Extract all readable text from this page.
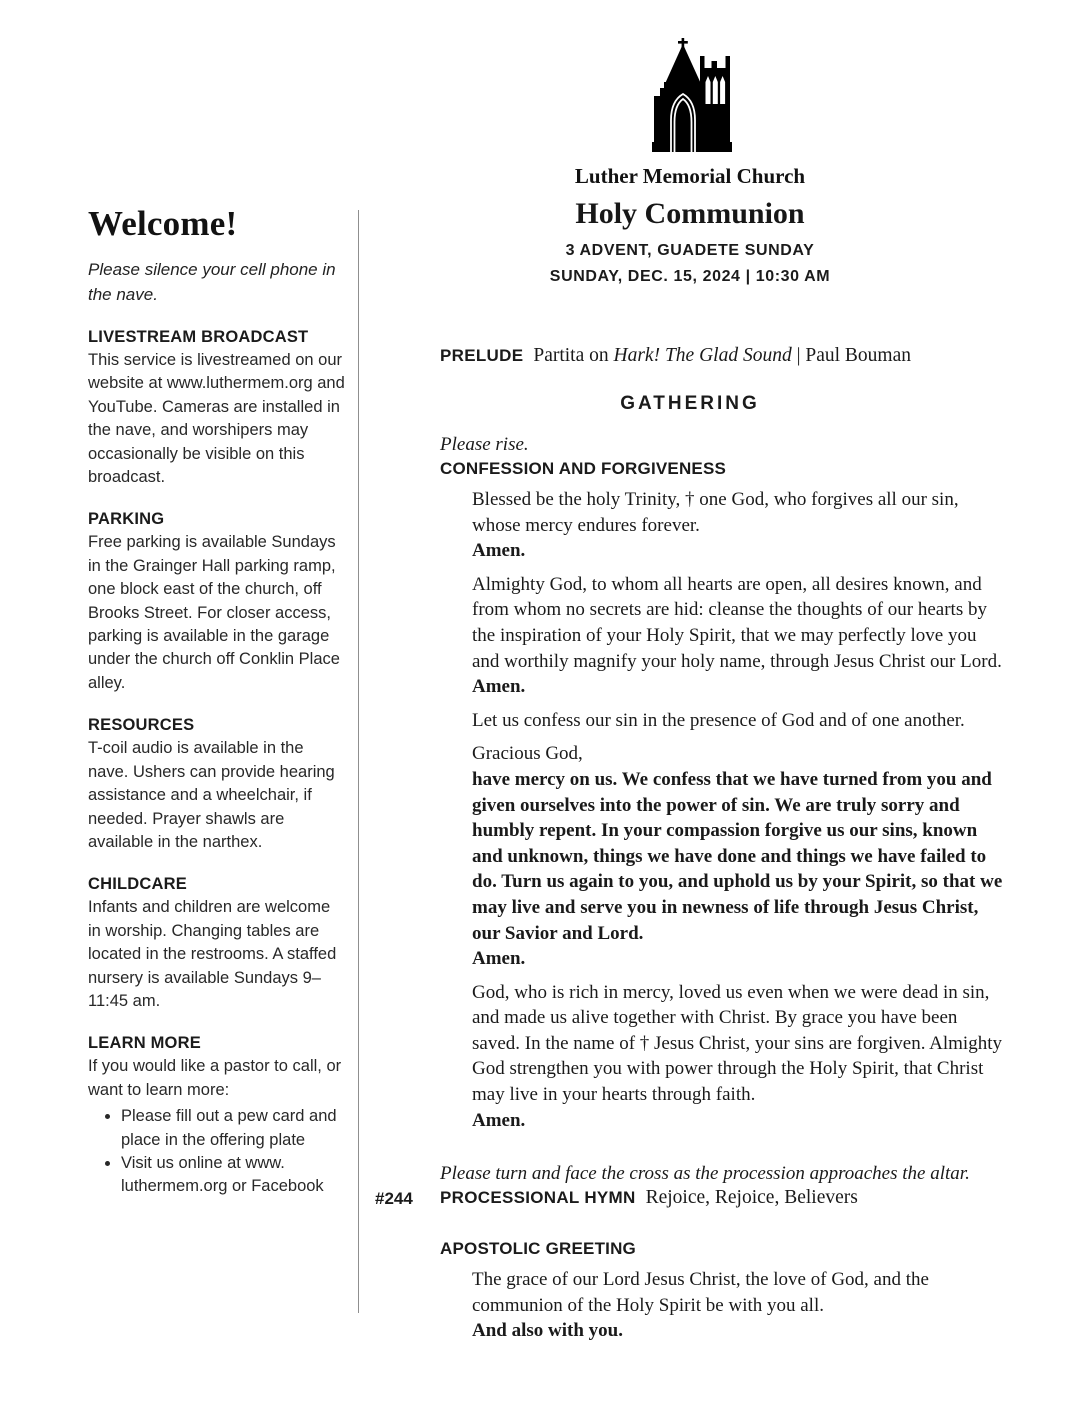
Welcome!

Please silence your cell phone in the nave.

LIVESTREAM BROADCAST

This service is livestreamed on our website at www.luthermem.org and YouTube. Cameras are installed in the nave, and worshipers may occasionally be visible on this broadcast.

PARKING

Free parking is available Sundays in the Grainger Hall parking ramp, one block east of the church, off Brooks Street. For closer access, parking is available in the garage under the church off Conklin Place alley.

RESOURCES

T-coil audio is available in the nave. Ushers can provide hearing assistance and a wheelchair, if needed. Prayer shawls are available in the narthex.

CHILDCARE

Infants and children are welcome in worship. Changing tables are located in the restrooms. A staffed nursery is available Sundays 9–11:45 am.

LEARN MORE

If you would like a pastor to call, or want to learn more:

• Please fill out a pew card and place in the offering plate
• Visit us online at www. luthermem.org or Facebook
Luther Memorial Church
Holy Communion
3 ADVENT, GUADETE SUNDAY
SUNDAY, DEC. 15, 2024 | 10:30 AM
PRELUDE Partita on Hark! The Glad Sound | Paul Bouman
GATHERING

Please rise.

CONFESSION AND FORGIVENESS

Blessed be the holy Trinity, † one God, who forgives all our sin, whose mercy endures forever.
Amen.

Almighty God, to whom all hearts are open, all desires known, and from whom no secrets are hid: cleanse the thoughts of our hearts by the inspiration of your Holy Spirit, that we may perfectly love you and worthily magnify your holy name, through Jesus Christ our Lord.
Amen.

Let us confess our sin in the presence of God and of one another.

Gracious God,
have mercy on us. We confess that we have turned from you and given ourselves into the power of sin. We are truly sorry and humbly repent. In your compassion forgive us our sins, known and unknown, things we have done and things we have failed to do. Turn us again to you, and uphold us by your Spirit, so that we may live and serve you in newness of life through Jesus Christ, our Savior and Lord.
Amen.

God, who is rich in mercy, loved us even when we were dead in sin, and made us alive together with Christ. By grace you have been saved. In the name of † Jesus Christ, your sins are forgiven. Almighty God strengthen you with power through the Holy Spirit, that Christ may live in your hearts through faith.
Amen.

Please turn and face the cross as the procession approaches the altar.

#244 PROCESSIONAL HYMN Rejoice, Rejoice, Believers
APOSTOLIC GREETING

The grace of our Lord Jesus Christ, the love of God, and the communion of the Holy Spirit be with you all.
And also with you.
